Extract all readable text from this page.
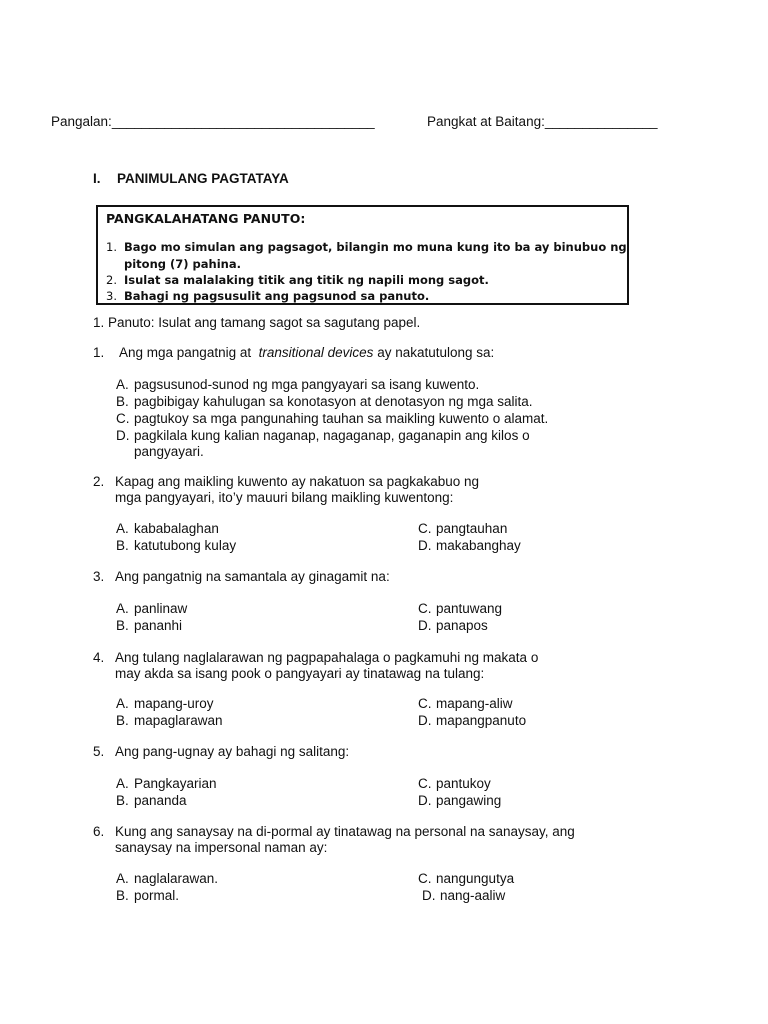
Pangalan:___________________________________	Pangkat at Baitang:_______________
I. PANIMULANG PAGTATAYA
PANGKALAHATANG PANUTO:
1. Bago mo simulan ang pagsagot, bilangin mo muna kung ito ba ay binubuo ng
pitong (7) pahina.
2. Isulat sa malalaking titik ang titik ng napili mong sagot.
3. Bahagi ng pagsusulit ang pagsunod sa panuto.
1. Panuto: Isulat ang tamang sagot sa sagutang papel.
1. Ang mga pangatnig at transitional devices ay nakatutulong sa:
A. pagsusunod-sunod ng mga pangyayari sa isang kuwento.
B. pagbibigay kahulugan sa konotasyon at denotasyon ng mga salita.
C. pagtukoy sa mga pangunahing tauhan sa maikling kuwento o alamat.
D. pagkilala kung kalian naganap, nagaganap, gaganapin ang kilos o
pangyayari.
2. Kapag ang maikling kuwento ay nakatuon sa pagkakabuo ng
mga pangyayari, ito’y mauuri bilang maikling kuwentong:
A. kababalaghan
B. katutubong kulay
C. pangtauhan
D. makabanghay
3. Ang pangatnig na samantala ay ginagamit na:
A. panlinaw
B. pananhi
C. pantuwang
D. panapos
4. Ang tulang naglalarawan ng pagpapahalaga o pagkamuhi ng makata o
may akda sa isang pook o pangyayari ay tinatawag na tulang:
A. mapang-uroy
B. mapaglarawan
C. mapang-aliw
D. mapangpanuto
5. Ang pang-ugnay ay bahagi ng salitang:
A. Pangkayarian
B. pananda
C. pantukoy
D. pangawing
6. Kung ang sanaysay na di-pormal ay tinatawag na personal na sanaysay, ang
sanaysay na impersonal naman ay:
A. naglalarawan.
B. pormal.
C. nangungutya
D. nang-aaliw
